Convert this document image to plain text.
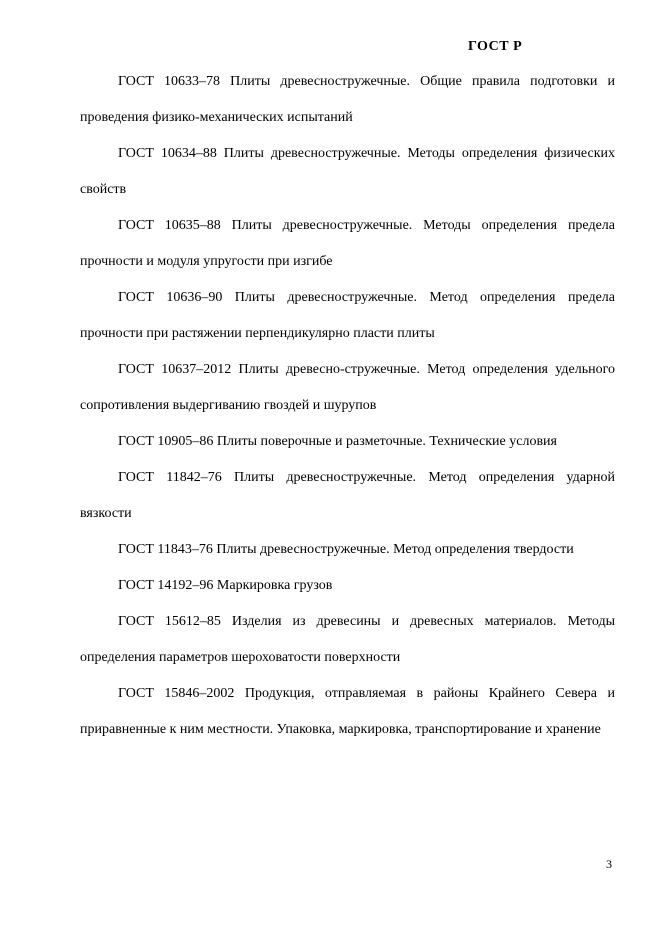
ГОСТ Р

ГОСТ 10633–78 Плиты древесностружечные. Общие правила подготовки и проведения физико-механических испытаний

ГОСТ 10634–88 Плиты древесностружечные. Методы определения физических свойств

ГОСТ 10635–88 Плиты древесностружечные. Методы определения предела прочности и модуля упругости при изгибе

ГОСТ 10636–90 Плиты древесностружечные. Метод определения предела прочности при растяжении перпендикулярно пласти плиты

ГОСТ 10637–2012 Плиты древесно-стружечные. Метод определения удельного сопротивления выдергиванию гвоздей и шурупов

ГОСТ 10905–86 Плиты поверочные и разметочные. Технические условия

ГОСТ 11842–76 Плиты древесностружечные. Метод определения ударной вязкости

ГОСТ 11843–76 Плиты древесностружечные. Метод определения твердости

ГОСТ 14192–96 Маркировка грузов

ГОСТ 15612–85 Изделия из древесины и древесных материалов. Методы определения параметров шероховатости поверхности

ГОСТ 15846–2002 Продукция, отправляемая в районы Крайнего Севера и приравненные к ним местности. Упаковка, маркировка, транспортирование и хранение

3
